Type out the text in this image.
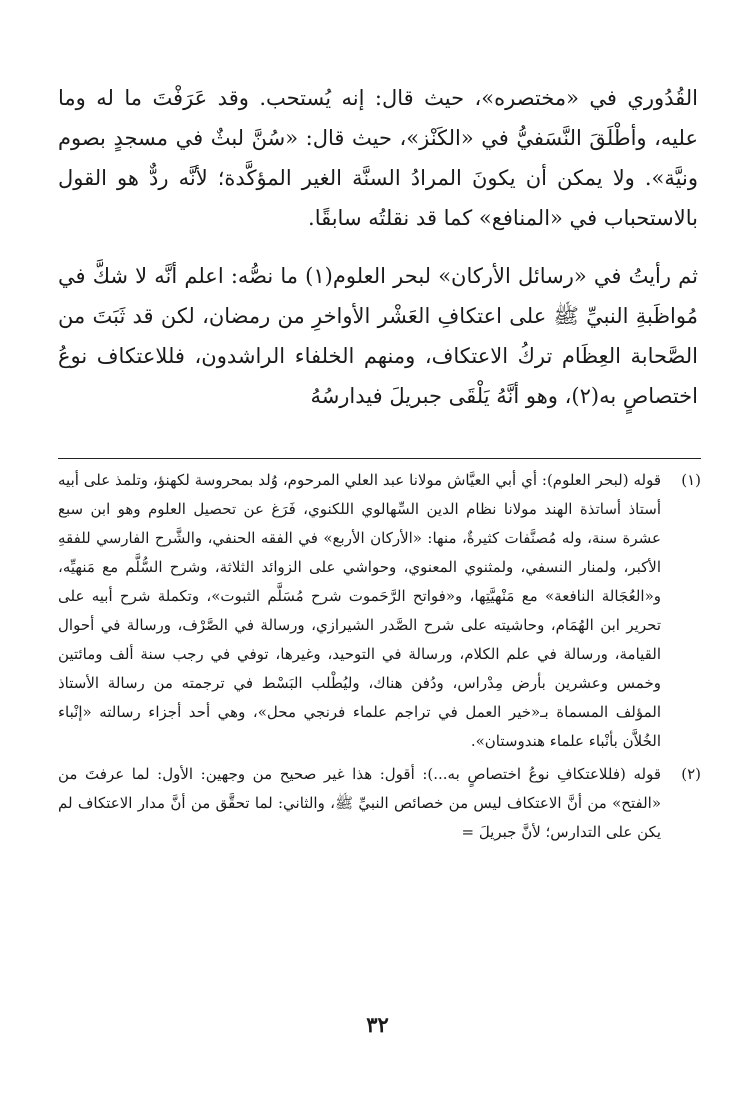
القُدُوري في «مختصره»، حيث قال: إنه يُستحب. وقد عَرَفْتَ ما له وما عليه، وأطْلَقَ النَّسَفيُّ في «الكَنْز»، حيث قال: «سُنَّ لبثٌ في مسجدٍ بصوم ونيَّة». ولا يمكن أن يكونَ المرادُ السنَّة الغير المؤكَّدة؛ لأنَّه ردٌّ هو القول بالاستحباب في «المنافع» كما قد نقلتُه سابقًا.

ثم رأيتُ في «رسائل الأركان» لبحر العلوم(١) ما نصُّه: اعلم أنَّه لا شكَّ في مُواظَبةِ النبيِّ ﷺ على اعتكافِ العَشْر الأواخرِ من رمضان، لكن قد ثَبَتَ من الصَّحابة العِظَام تركُ الاعتكاف، ومنهم الخلفاء الراشدون، فللاعتكاف نوعُ اختصاصٍ به(٢)، وهو أنَّهُ يَلْقَى جبريلَ فيدارسُهُ

(١)
قوله (لبحر العلوم): أي أبي العيَّاش مولانا عبد العلي المرحوم، وُلد بمحروسة لكهنؤ، وتلمذ على أبيه أستاذ أساتذة الهند مولانا نظام الدين السِّهالوي اللكنوي، فَرَغ عن تحصيل العلوم وهو ابن سبع عشرة سنة، وله مُصنَّفات كثيرةٌ، منها: «الأركان الأربع» في الفقه الحنفي، والشَّرح الفارسي للفقهِ الأكبر، ولمنار النسفي، ولمثنوي المعنوي، وحواشي على الزوائد الثلاثة، وشرح السُّلَّم مع مَنهيِّه، و«العُجَالة النافعة» مع مَنْهيَّتِها، و«فواتح الرَّحَموت شرح مُسَلَّم الثبوت»، وتكملة شرح أبيه على تحرير ابن الهُمَام، وحاشيته على شرح الصَّدر الشيرازي، ورسالة في الصَّرْف، ورسالة في أحوال القيامة، ورسالة في علم الكلام، ورسالة في التوحيد، وغيرها، توفي في رجب سنة ألف ومائتين وخمس وعشرين بأرض مِدْراس، ودُفن هناك، وليُطْلب البَسْط في ترجمته من رسالة الأستاذ المؤلف المسماة بـ«خير العمل في تراجم علماء فرنجي محل»، وهي أحد أجزاء رسالته «إنْباء الخُلاَّن بأنْباء علماء هندوستان».
(٢)
قوله (فللاعتكافِ نوعُ اختصاصٍ به...): أقول: هذا غير صحيح من وجهين: الأول: لما عرفتَ من «الفتح» من أنَّ الاعتكاف ليس من خصائص النبيِّ ﷺ، والثاني: لما تحقَّق من أنَّ مدار الاعتكاف لم يكن على التدارس؛ لأنَّ جبريلَ =
٣٢
